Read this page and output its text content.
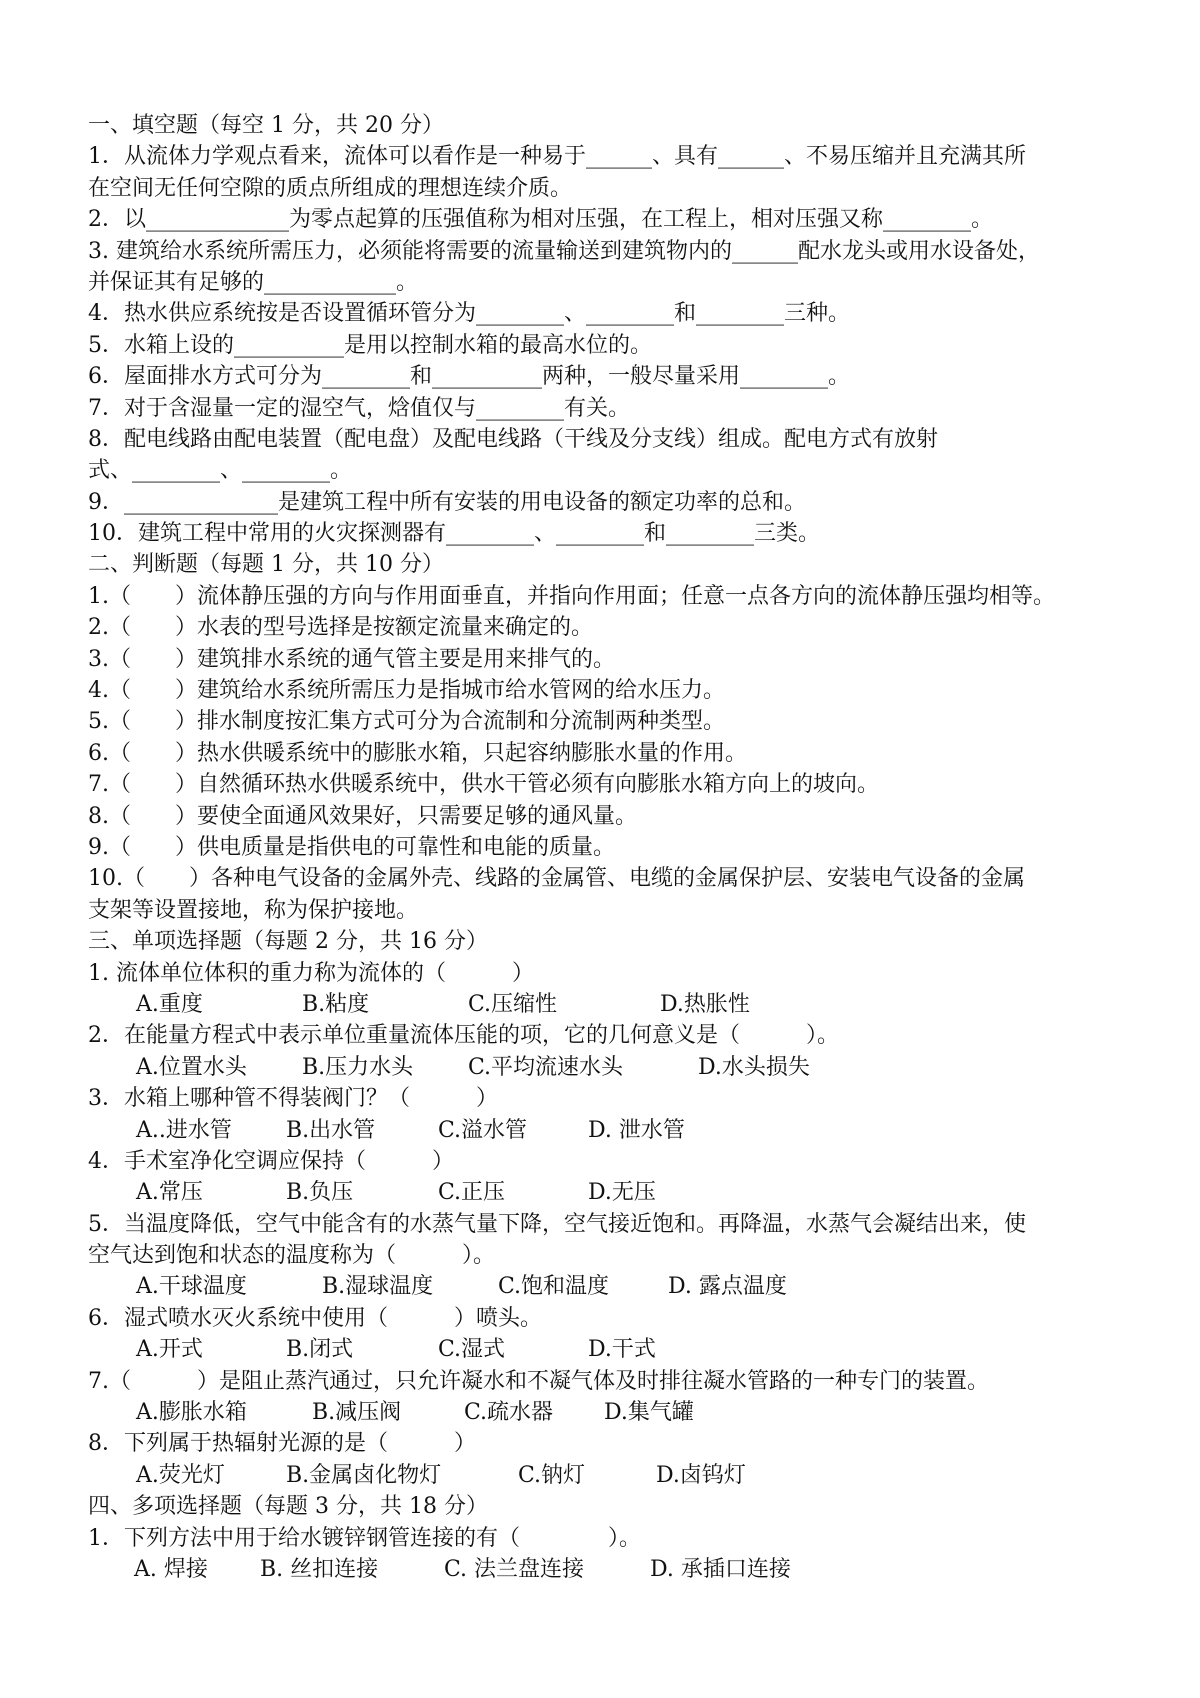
一、填空题（每空 1 分，共 20 分）
1．从流体力学观点看来，流体可以看作是一种易于______、具有______、不易压缩并且充满其所
在空间无任何空隙的质点所组成的理想连续介质。
2．以_____________为零点起算的压强值称为相对压强，在工程上，相对压强又称________。
3. 建筑给水系统所需压力，必须能将需要的流量输送到建筑物内的______配水龙头或用水设备处，
并保证其有足够的____________。
4．热水供应系统按是否设置循环管分为________、________和________三种。
5．水箱上设的__________是用以控制水箱的最高水位的。
6．屋面排水方式可分为________和__________两种，一般尽量采用________。
7．对于含湿量一定的湿空气，焓值仅与________有关。
8．配电线路由配电装置（配电盘）及配电线路（干线及分支线）组成。配电方式有放射
式、________、________。
9．______________是建筑工程中所有安装的用电设备的额定功率的总和。
10．建筑工程中常用的火灾探测器有________、________和________三类。
二、判断题（每题 1 分，共 10 分）
1.（　　）流体静压强的方向与作用面垂直，并指向作用面；任意一点各方向的流体静压强均相等。
2.（　　）水表的型号选择是按额定流量来确定的。
3.（　　）建筑排水系统的通气管主要是用来排气的。
4.（　　）建筑给水系统所需压力是指城市给水管网的给水压力。
5.（　　）排水制度按汇集方式可分为合流制和分流制两种类型。
6.（　　）热水供暖系统中的膨胀水箱，只起容纳膨胀水量的作用。
7.（　　）自然循环热水供暖系统中，供水干管必须有向膨胀水箱方向上的坡向。
8.（　　）要使全面通风效果好，只需要足够的通风量。
9.（　　）供电质量是指供电的可靠性和电能的质量。
10.（　　）各种电气设备的金属外壳、线路的金属管、电缆的金属保护层、安装电气设备的金属
支架等设置接地，称为保护接地。
三、单项选择题（每题 2 分，共 16 分）
1. 流体单位体积的重力称为流体的（　　　）
A.重度	B.粘度	C.压缩性	D.热胀性
2．在能量方程式中表示单位重量流体压能的项，它的几何意义是（　　　）。
A.位置水头	B.压力水头	C.平均流速水头	D.水头损失
3．水箱上哪种管不得装阀门？（　　　）
A..进水管	B.出水管	C.溢水管	D. 泄水管
4．手术室净化空调应保持（　　　）
A.常压	B.负压	C.正压	D.无压
5．当温度降低，空气中能含有的水蒸气量下降，空气接近饱和。再降温，水蒸气会凝结出来，使
空气达到饱和状态的温度称为（　　　）。
A.干球温度	B.湿球温度	C.饱和温度	D. 露点温度
6．湿式喷水灭火系统中使用（　　　）喷头。
A.开式	B.闭式	C.湿式	D.干式
7.（　　　）是阻止蒸汽通过，只允许凝水和不凝气体及时排往凝水管路的一种专门的装置。
A.膨胀水箱	B.减压阀	C.疏水器	D.集气罐
8．下列属于热辐射光源的是（　　　）
A.荧光灯	B.金属卤化物灯	C.钠灯	D.卤钨灯
四、多项选择题（每题 3 分，共 18 分）
1．下列方法中用于给水镀锌钢管连接的有（　　　　）。
A. 焊接	B. 丝扣连接	C. 法兰盘连接	D. 承插口连接
